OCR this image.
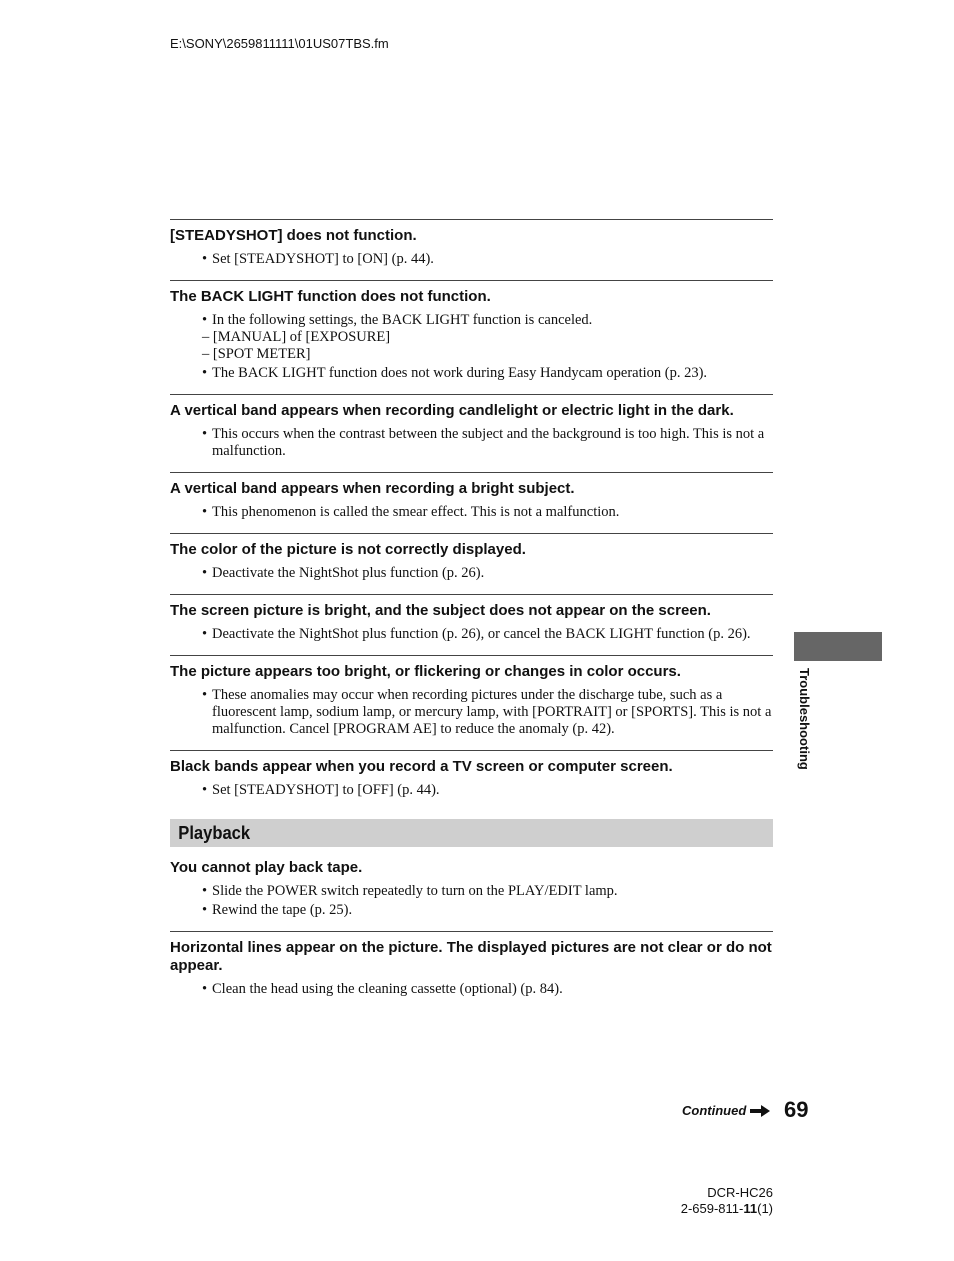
E:\SONY\2659811111\01US07TBS.fm
[STEADYSHOT] does not function.
• Set [STEADYSHOT] to [ON] (p. 44).
The BACK LIGHT function does not function.
• In the following settings, the BACK LIGHT function is canceled.
– [MANUAL] of [EXPOSURE]
– [SPOT METER]
• The BACK LIGHT function does not work during Easy Handycam operation (p. 23).
A vertical band appears when recording candlelight or electric light in the dark.
• This occurs when the contrast between the subject and the background is too high. This is not a malfunction.
A vertical band appears when recording a bright subject.
• This phenomenon is called the smear effect. This is not a malfunction.
The color of the picture is not correctly displayed.
• Deactivate the NightShot plus function (p. 26).
The screen picture is bright, and the subject does not appear on the screen.
• Deactivate the NightShot plus function (p. 26), or cancel the BACK LIGHT function (p. 26).
The picture appears too bright, or flickering or changes in color occurs.
• These anomalies may occur when recording pictures under the discharge tube, such as a fluorescent lamp, sodium lamp, or mercury lamp, with [PORTRAIT] or [SPORTS]. This is not a malfunction. Cancel [PROGRAM AE] to reduce the anomaly (p. 42).
Black bands appear when you record a TV screen or computer screen.
• Set [STEADYSHOT] to [OFF] (p. 44).
Playback
You cannot play back tape.
• Slide the POWER switch repeatedly to turn on the PLAY/EDIT lamp.
• Rewind the tape (p. 25).
Horizontal lines appear on the picture. The displayed pictures are not clear or do not appear.
• Clean the head using the cleaning cassette (optional) (p. 84).
Troubleshooting
Continued 69
DCR-HC26
2-659-811-11(1)
